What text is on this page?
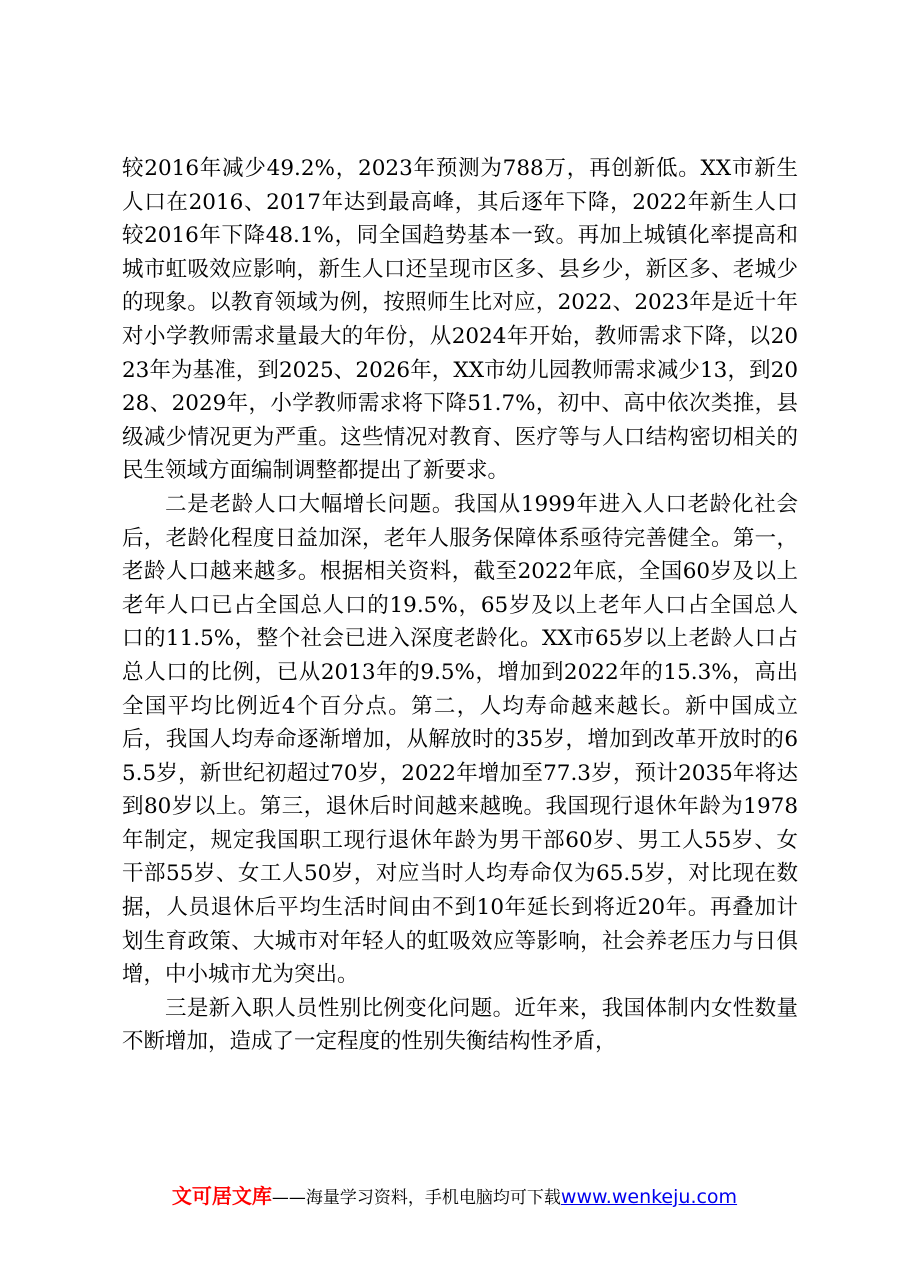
较2016年减少49.2%，2023年预测为788万，再创新低。XX市新生人口在2016、2017年达到最高峰，其后逐年下降，2022年新生人口较2016年下降48.1%，同全国趋势基本一致。再加上城镇化率提高和城市虹吸效应影响，新生人口还呈现市区多、县乡少，新区多、老城少的现象。以教育领域为例，按照师生比对应，2022、2023年是近十年对小学教师需求量最大的年份，从2024年开始，教师需求下降，以2023年为基准，到2025、2026年，XX市幼儿园教师需求减少13，到2028、2029年，小学教师需求将下降51.7%，初中、高中依次类推，县级减少情况更为严重。这些情况对教育、医疗等与人口结构密切相关的民生领域方面编制调整都提出了新要求。

二是老龄人口大幅增长问题。我国从1999年进入人口老龄化社会后，老龄化程度日益加深，老年人服务保障体系亟待完善健全。第一，老龄人口越来越多。根据相关资料，截至2022年底，全国60岁及以上老年人口已占全国总人口的19.5%，65岁及以上老年人口占全国总人口的11.5%，整个社会已进入深度老龄化。XX市65岁以上老龄人口占总人口的比例，已从2013年的9.5%，增加到2022年的15.3%，高出全国平均比例近4个百分点。第二，人均寿命越来越长。新中国成立后，我国人均寿命逐渐增加，从解放时的35岁，增加到改革开放时的65.5岁，新世纪初超过70岁，2022年增加至77.3岁，预计2035年将达到80岁以上。第三，退休后时间越来越晚。我国现行退休年龄为1978年制定，规定我国职工现行退休年龄为男干部60岁、男工人55岁、女干部55岁、女工人50岁，对应当时人均寿命仅为65.5岁，对比现在数据，人员退休后平均生活时间由不到10年延长到将近20年。再叠加计划生育政策、大城市对年轻人的虹吸效应等影响，社会养老压力与日俱增，中小城市尤为突出。

三是新入职人员性别比例变化问题。近年来，我国体制内女性数量不断增加，造成了一定程度的性别失衡结构性矛盾，

文可居文库——海量学习资料，手机电脑均可下载www.wenkeju.com
